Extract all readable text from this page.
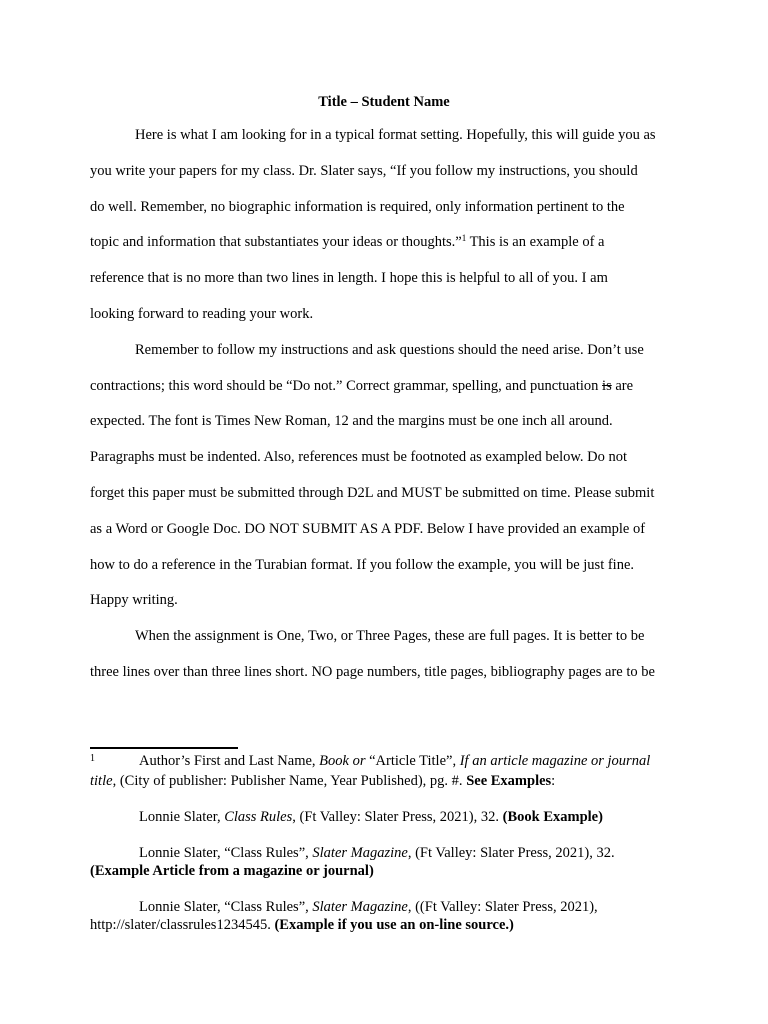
Title – Student Name
Here is what I am looking for in a typical format setting. Hopefully, this will guide you as
you write your papers for my class. Dr. Slater says, “If you follow my instructions, you should
do well. Remember, no biographic information is required, only information pertinent to the
topic and information that substantiates your ideas or thoughts.”$^1$ This is an example of a
reference that is no more than two lines in length. I hope this is helpful to all of you. I am
looking forward to reading your work.
Remember to follow my instructions and ask questions should the need arise. Don’t use
contractions; this word should be “Do not.” Correct grammar, spelling, and punctuation is are
expected. The font is Times New Roman, 12 and the margins must be one inch all around.
Paragraphs must be indented. Also, references must be footnoted as exampled below. Do not
forget this paper must be submitted through D2L and MUST be submitted on time. Please submit
as a Word or Google Doc. DO NOT SUBMIT AS A PDF. Below I have provided an example of
how to do a reference in the Turabian format. If you follow the example, you will be just fine.
Happy writing.
When the assignment is One, Two, or Three Pages, these are full pages. It is better to be
three lines over than three lines short. NO page numbers, title pages, bibliography pages are to be
1	Author’s First and Last Name, Book or “Article Title”, If an article magazine or journal
title, (City of publisher: Publisher Name, Year Published), pg. #. See Examples:
Lonnie Slater, Class Rules, (Ft Valley: Slater Press, 2021), 32. (Book Example)
Lonnie Slater, “Class Rules”, Slater Magazine, (Ft Valley: Slater Press, 2021), 32.
(Example Article from a magazine or journal)
Lonnie Slater, “Class Rules”, Slater Magazine, ((Ft Valley: Slater Press, 2021),
http://slater/classrules1234545. (Example if you use an on-line source.)
